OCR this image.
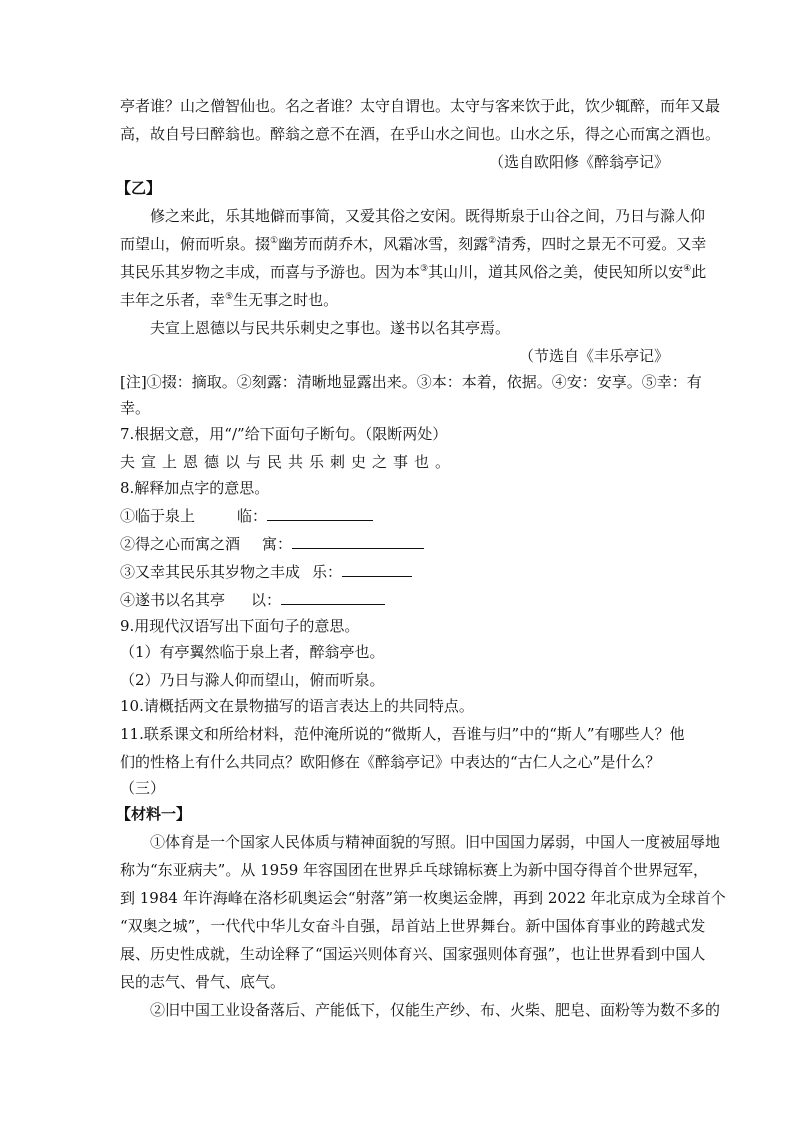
亭者谁？山之僧智仙也。名之者谁？太守自谓也。太守与客来饮于此，饮少辄醉，而年又最
高，故自号曰醉翁也。醉翁之意不在酒，在乎山水之间也。山水之乐，得之心而寓之酒也。
（选自欧阳修《醉翁亭记》
【乙】
修之来此，乐其地僻而事简，又爱其俗之安闲。既得斯泉于山谷之间，乃日与滁人仰
而望山，俯而听泉。掇①幽芳而荫乔木，风霜冰雪，刻露②清秀，四时之景无不可爱。又幸
其民乐其岁物之丰成，而喜与予游也。因为本③其山川，道其风俗之美，使民知所以安④此
丰年之乐者，幸⑤生无事之时也。
夫宣上恩德以与民共乐刺史之事也。遂书以名其亭焉。
（节选自《丰乐亭记》
[注]①掇：摘取。②刻露：清晰地显露出来。③本：本着，依据。④安：安享。⑤幸：有
幸。
7.根据文意，用“/”给下面句子断句。（限断两处）
夫宣上恩德以与民共乐刺史之事也。
8.解释加点字的意思。
①临于泉上	临：
②得之心而寓之酒 寓：
③又幸其民乐其岁物之丰成 乐：
④遂书以名其亭 以：
9.用现代汉语写出下面句子的意思。
（1）有亭翼然临于泉上者，醉翁亭也。
（2）乃日与滁人仰而望山，俯而听泉。
10.请概括两文在景物描写的语言表达上的共同特点。
11.联系课文和所给材料，范仲淹所说的“微斯人，吾谁与归”中的“斯人”有哪些人？他
们的性格上有什么共同点？欧阳修在《醉翁亭记》中表达的“古仁人之心”是什么？
（三）
【材料一】
①体育是一个国家人民体质与精神面貌的写照。旧中国国力孱弱，中国人一度被屈辱地
称为“东亚病夫”。从 1959 年容国团在世界乒乓球锦标赛上为新中国夺得首个世界冠军，
到 1984 年许海峰在洛杉矶奥运会“射落”第一枚奥运金牌，再到 2022 年北京成为全球首个
“双奥之城”，一代代中华儿女奋斗自强，昂首站上世界舞台。新中国体育事业的跨越式发
展、历史性成就，生动诠释了“国运兴则体育兴、国家强则体育强”，也让世界看到中国人
民的志气、骨气、底气。
②旧中国工业设备落后、产能低下，仅能生产纱、布、火柴、肥皂、面粉等为数不多的
